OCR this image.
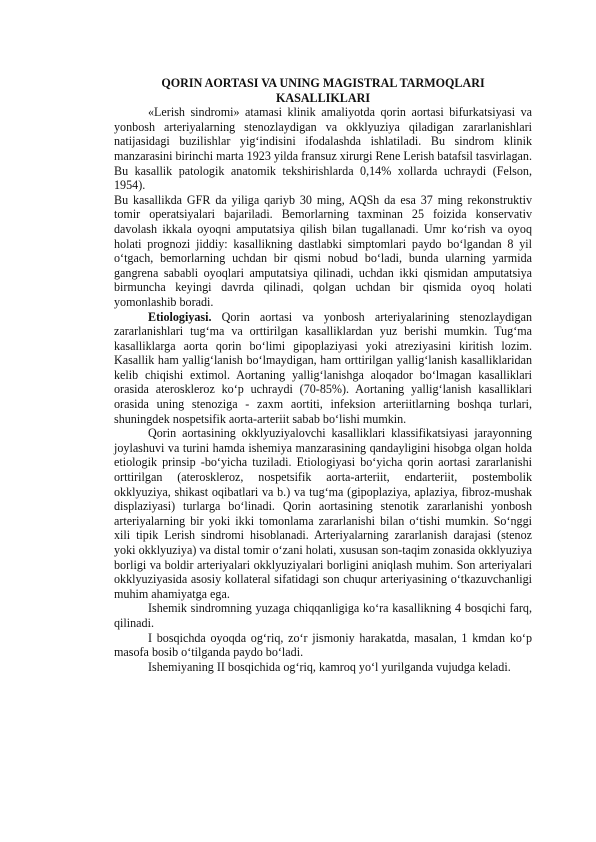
QORIN AORTASI VA UNING MAGISTRAL TARMOQLARI KASALLIKLARI

«Lerish sindromi» atamasi klinik amaliyotda qorin aortasi bifurkatsiyasi va yonbosh arteriyalarning stenozlaydigan va okklyuziya qiladigan zararlanishlari natijasidagi buzilishlar yig‘indisini ifodalashda ishlatiladi. Bu sindrom klinik manzarasini birinchi marta 1923 yilda fransuz xirurgi Rene Lerish batafsil tasvirlagan. Bu kasallik patologik anatomik tekshirishlarda 0,14% xollarda uchraydi (Felson, 1954).

Bu kasallikda GFR da yiliga qariyb 30 ming, AQSh da esa 37 ming rekonstruktiv tomir operatsiyalari bajariladi. Bemorlarning taxminan 25 foizida konservativ davolash ikkala oyoqni amputatsiya qilish bilan tugallanadi. Umr ko‘rish va oyoq holati prognozi jiddiy: kasallikning dastlabki simptomlari paydo bo‘lgandan 8 yil o‘tgach, bemorlarning uchdan bir qismi nobud bo‘ladi, bunda ularning yarmida gangrena sababli oyoqlari amputatsiya qilinadi, uchdan ikki qismidan amputatsiya birmuncha keyingi davrda qilinadi, qolgan uchdan bir qismida oyoq holati yomonlashib boradi.

Etiologiyasi. Qorin aortasi va yonbosh arteriyalarining stenozlaydigan zararlanishlari tug‘ma va orttirilgan kasalliklardan yuz berishi mumkin. Tug‘ma kasalliklarga aorta qorin bo‘limi gipoplaziyasi yoki atreziyasini kiritish lozim. Kasallik ham yallig‘lanish bo‘lmaydigan, ham orttirilgan yallig‘lanish kasalliklaridan kelib chiqishi extimol. Aortaning yallig‘lanishga aloqador bo‘lmagan kasalliklari orasida ateroskleroz ko‘p uchraydi (70-85%). Aortaning yallig‘lanish kasalliklari orasida uning stenoziga - zaxm aortiti, infeksion arteriitlarning boshqa turlari, shuningdek nospetsifik aorta-arteriit sabab bo‘lishi mumkin.

Qorin aortasining okklyuziyalovchi kasalliklari klassifikatsiyasi jarayonning joylashuvi va turini hamda ishemiya manzarasining qandayligini hisobga olgan holda etiologik prinsip -bo‘yicha tuziladi. Etiologiyasi bo‘yicha qorin aortasi zararlanishi orttirilgan (ateroskleroz, nospetsifik aorta-arteriit, endarteriit, postembolik okklyuziya, shikast oqibatlari va b.) va tug‘ma (gipoplaziya, aplaziya, fibroz-mushak displaziyasi) turlarga bo‘linadi. Qorin aortasining stenotik zararlanishi yonbosh arteriyalarning bir yoki ikki tomonlama zararlanishi bilan o‘tishi mumkin. So‘nggi xili tipik Lerish sindromi hisoblanadi. Arteriyalarning zararlanish darajasi (stenoz yoki okklyuziya) va distal tomir o‘zani holati, xususan son-taqim zonasida okklyuziya borligi va boldir arteriyalari okklyuziyalari borligini aniqlash muhim. Son arteriyalari okklyuziyasida asosiy kollateral sifatidagi son chuqur arteriyasining o‘tkazuvchanligi muhim ahamiyatga ega.

Ishemik sindromning yuzaga chiqqanligiga ko‘ra kasallikning 4 bosqichi farq, qilinadi.

I bosqichda oyoqda og‘riq, zo‘r jismoniy harakatda, masalan, 1 kmdan ko‘p masofa bosib o‘tilganda paydo bo‘ladi.

Ishemiyaning II bosqichida og‘riq, kamroq yo‘l yurilganda vujudga keladi.
